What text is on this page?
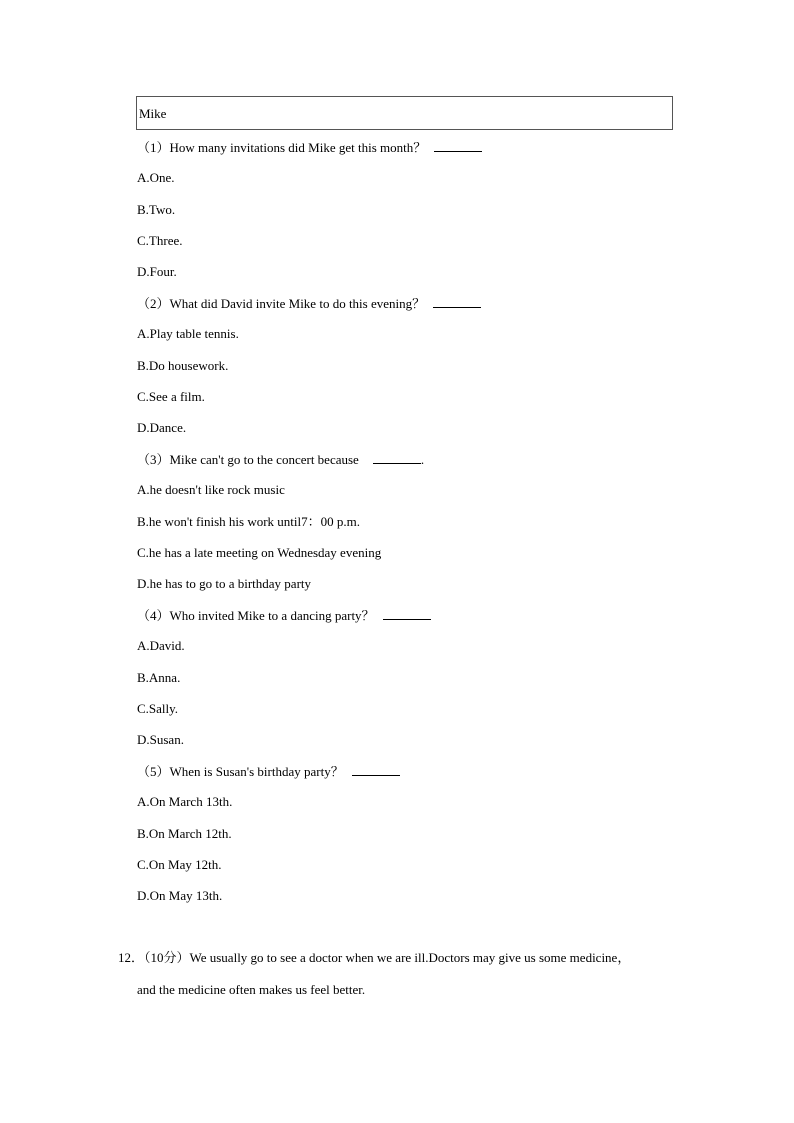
Mike
（1）How many invitations did Mike get this month？
A.One.
B.Two.
C.Three.
D.Four.
（2）What did David invite Mike to do this evening？
A.Play table tennis.
B.Do housework.
C.See a film.
D.Dance.
（3）Mike can't go to the concert because	.
A.he doesn't like rock music
B.he won't finish his work until7：00 p.m.
C.he has a late meeting on Wednesday evening
D.he has to go to a birthday party
（4）Who invited Mike to a dancing party？
A.David.
B.Anna.
C.Sally.
D.Susan.
（5）When is Susan's birthday party？
A.On March 13th.
B.On March 12th.
C.On May 12th.
D.On May 13th.
12．（10分）We usually go to see a doctor when we are ill.Doctors may give us some medicine，
and the medicine often makes us feel better.
